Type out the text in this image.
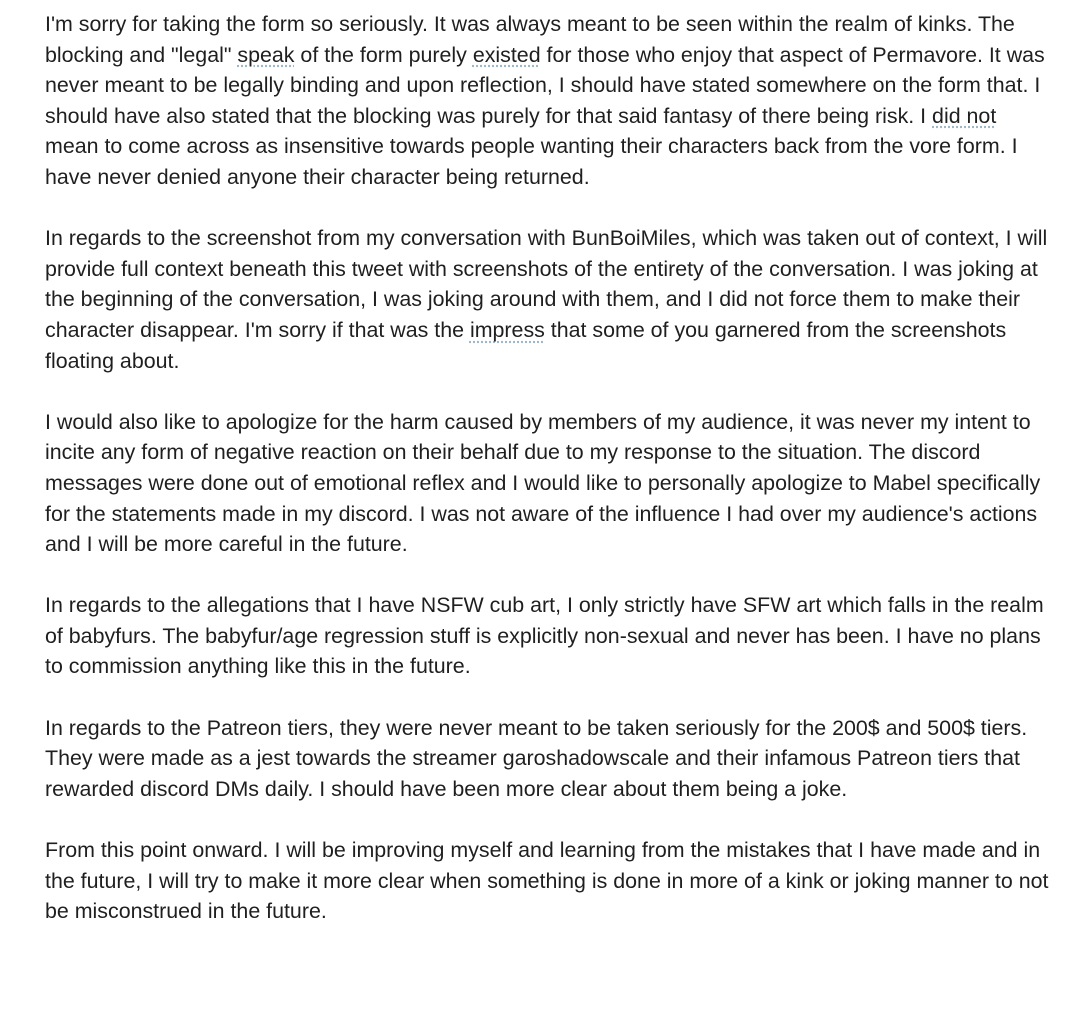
I'm sorry for taking the form so seriously. It was always meant to be seen within the realm of kinks. The blocking and "legal" speak of the form purely existed for those who enjoy that aspect of Permavore. It was never meant to be legally binding and upon reflection, I should have stated somewhere on the form that. I should have also stated that the blocking was purely for that said fantasy of there being risk. I did not mean to come across as insensitive towards people wanting their characters back from the vore form. I have never denied anyone their character being returned.

In regards to the screenshot from my conversation with BunBoiMiles, which was taken out of context, I will provide full context beneath this tweet with screenshots of the entirety of the conversation. I was joking at the beginning of the conversation, I was joking around with them, and I did not force them to make their character disappear. I'm sorry if that was the impress that some of you garnered from the screenshots floating about.

I would also like to apologize for the harm caused by members of my audience, it was never my intent to incite any form of negative reaction on their behalf due to my response to the situation. The discord messages were done out of emotional reflex and I would like to personally apologize to Mabel specifically for the statements made in my discord. I was not aware of the influence I had over my audience's actions and I will be more careful in the future.

In regards to the allegations that I have NSFW cub art, I only strictly have SFW art which falls in the realm of babyfurs. The babyfur/age regression stuff is explicitly non-sexual and never has been. I have no plans to commission anything like this in the future.

In regards to the Patreon tiers, they were never meant to be taken seriously for the 200$ and 500$ tiers. They were made as a jest towards the streamer garoshadowscale and their infamous Patreon tiers that rewarded discord DMs daily. I should have been more clear about them being a joke.

From this point onward. I will be improving myself and learning from the mistakes that I have made and in the future, I will try to make it more clear when something is done in more of a kink or joking manner to not be misconstrued in the future.
